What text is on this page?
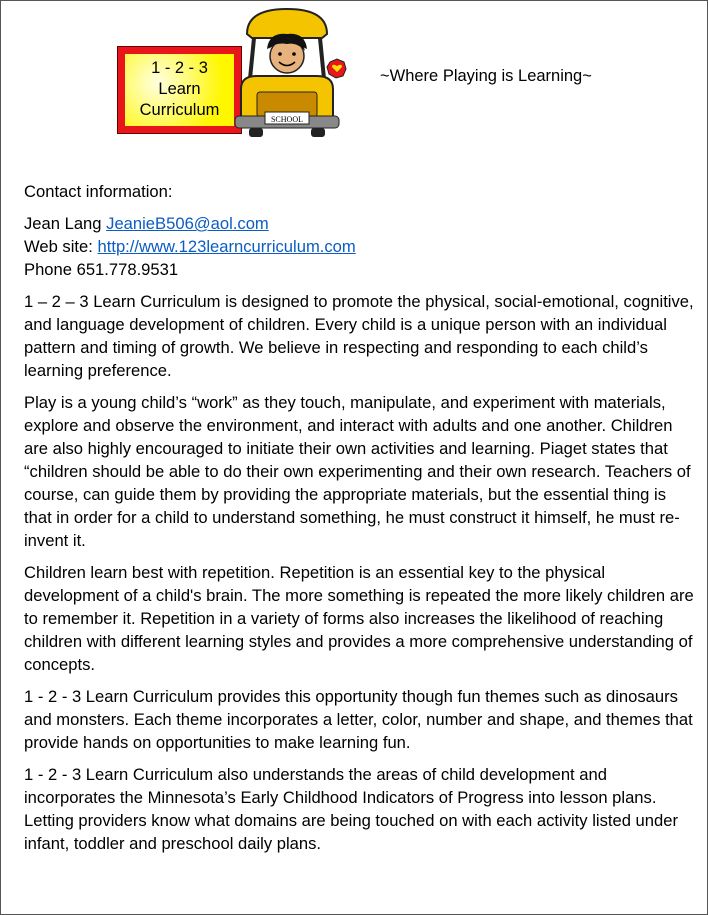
1 - 2 - 3
Learn
Curriculum
SCHOOL
~Where Playing is Learning~

Contact information:

Jean Lang JeanieB506@aol.com
Web site: http://www.123learncurriculum.com
Phone 651.778.9531

1 – 2 – 3 Learn Curriculum is designed to promote the physical, social-emotional, cognitive, and language development of children. Every child is a unique person with an individual pattern and timing of growth. We believe in respecting and responding to each child’s learning preference.

Play is a young child’s “work” as they touch, manipulate, and experiment with materials, explore and observe the environment, and interact with adults and one another. Children are also highly encouraged to initiate their own activities and learning. Piaget states that “children should be able to do their own experimenting and their own research. Teachers of course, can guide them by providing the appropriate materials, but the essential thing is that in order for a child to understand something, he must construct it himself, he must re-invent it.

Children learn best with repetition. Repetition is an essential key to the physical development of a child's brain. The more something is repeated the more likely children are to remember it. Repetition in a variety of forms also increases the likelihood of reaching children with different learning styles and provides a more comprehensive understanding of concepts.

1 - 2 - 3 Learn Curriculum provides this opportunity though fun themes such as dinosaurs and monsters. Each theme incorporates a letter, color, number and shape, and themes that provide hands on opportunities to make learning fun.

1 - 2 - 3 Learn Curriculum also understands the areas of child development and incorporates the Minnesota’s Early Childhood Indicators of Progress into lesson plans. Letting providers know what domains are being touched on with each activity listed under infant, toddler and preschool daily plans.
